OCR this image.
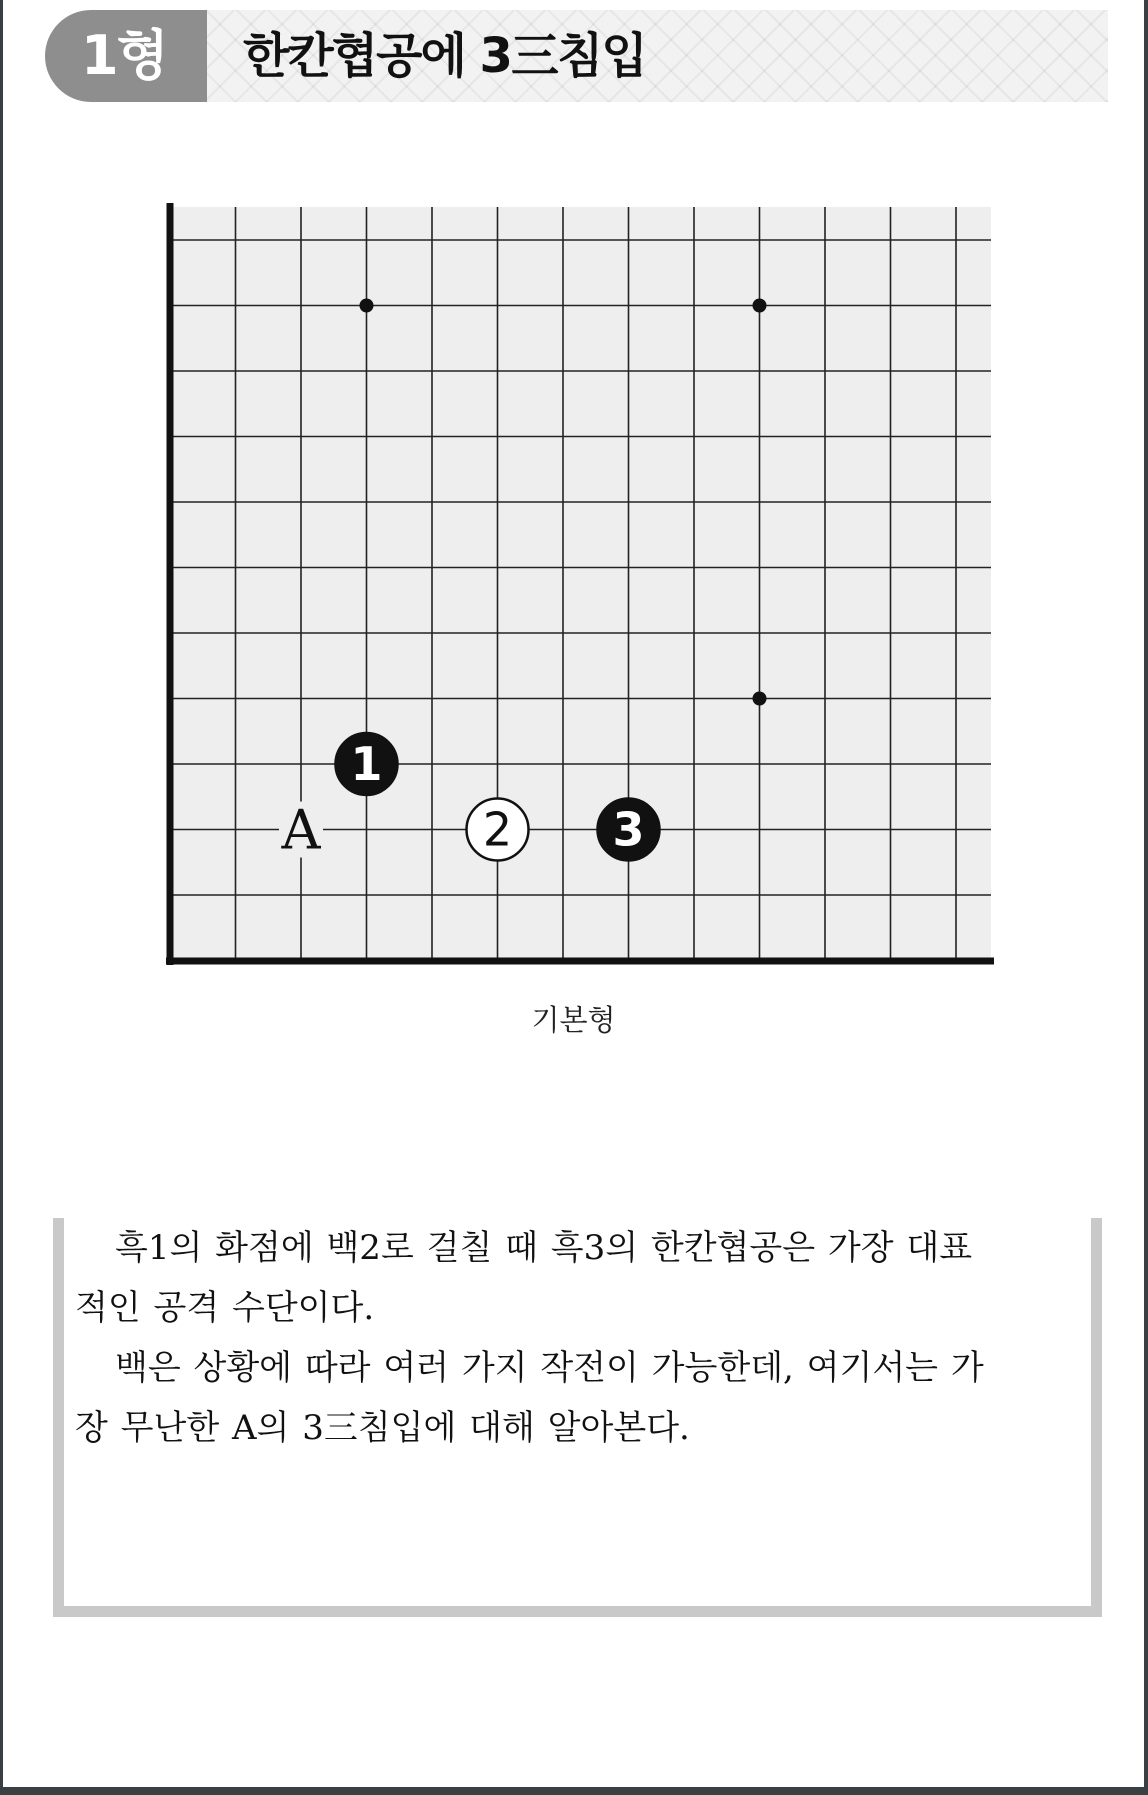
1형 한칸협공에 3三침입
A
1
2 3
기본형

흑1의 화점에 백2로 걸칠 때 흑3의 한칸협공은 가장 대표적인 공격 수단이다.

백은 상황에 따라 여러 가지 작전이 가능한데, 여기서는 가장 무난한 A의 3三침입에 대해 알아본다.
